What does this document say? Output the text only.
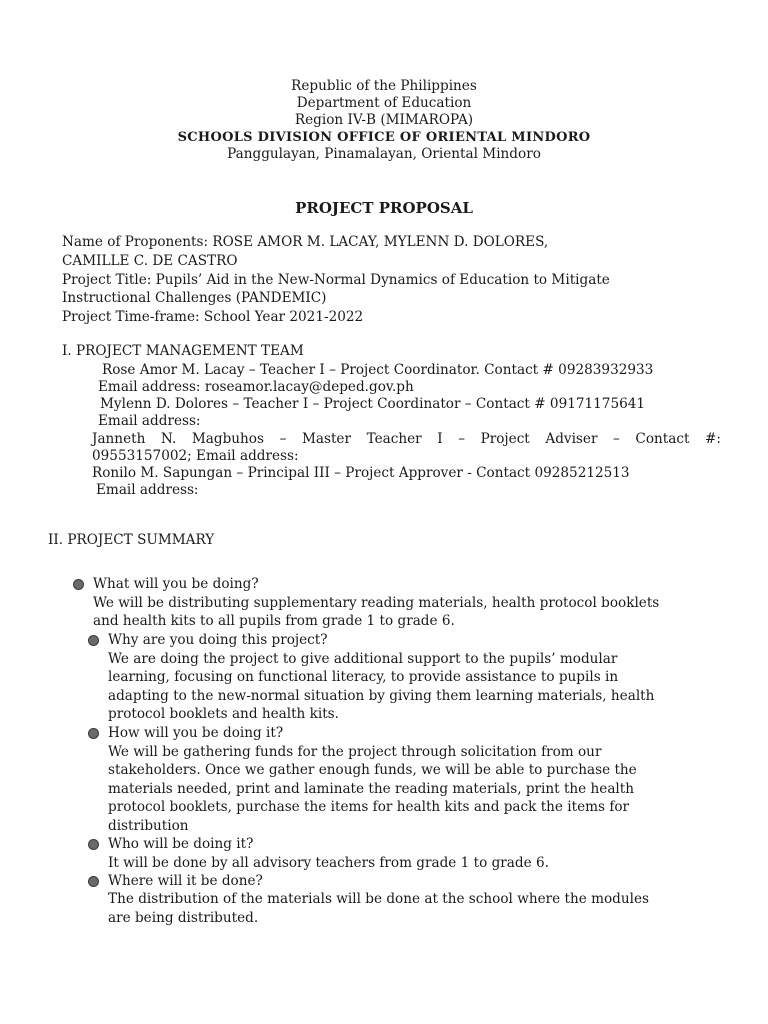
Republic of the Philippines
Department of Education
Region IV-B (MIMAROPA)
SCHOOLS DIVISION OFFICE OF ORIENTAL MINDORO
Panggulayan, Pinamalayan, Oriental Mindoro
PROJECT PROPOSAL
Name of Proponents: ROSE AMOR M. LACAY, MYLENN D. DOLORES,
CAMILLE C. DE CASTRO
Project Title: Pupils’ Aid in the New-Normal Dynamics of Education to Mitigate
Instructional Challenges (PANDEMIC)
Project Time-frame: School Year 2021-2022
I. PROJECT MANAGEMENT TEAM
Rose Amor M. Lacay – Teacher I – Project Coordinator. Contact # 09283932933
Email address: roseamor.lacay@deped.gov.ph
Mylenn D. Dolores – Teacher I – Project Coordinator – Contact # 09171175641
Email address:
Janneth N. Magbuhos – Master Teacher I – Project Adviser – Contact #:
09553157002; Email address:
Ronilo M. Sapungan – Principal III – Project Approver - Contact 09285212513
Email address:
II. PROJECT SUMMARY
What will you be doing?
We will be distributing supplementary reading materials, health protocol booklets
and health kits to all pupils from grade 1 to grade 6.
Why are you doing this project?
We are doing the project to give additional support to the pupils’ modular
learning, focusing on functional literacy, to provide assistance to pupils in
adapting to the new-normal situation by giving them learning materials, health
protocol booklets and health kits.
How will you be doing it?
We will be gathering funds for the project through solicitation from our
stakeholders. Once we gather enough funds, we will be able to purchase the
materials needed, print and laminate the reading materials, print the health
protocol booklets, purchase the items for health kits and pack the items for
distribution
Who will be doing it?
It will be done by all advisory teachers from grade 1 to grade 6.
Where will it be done?
The distribution of the materials will be done at the school where the modules
are being distributed.
